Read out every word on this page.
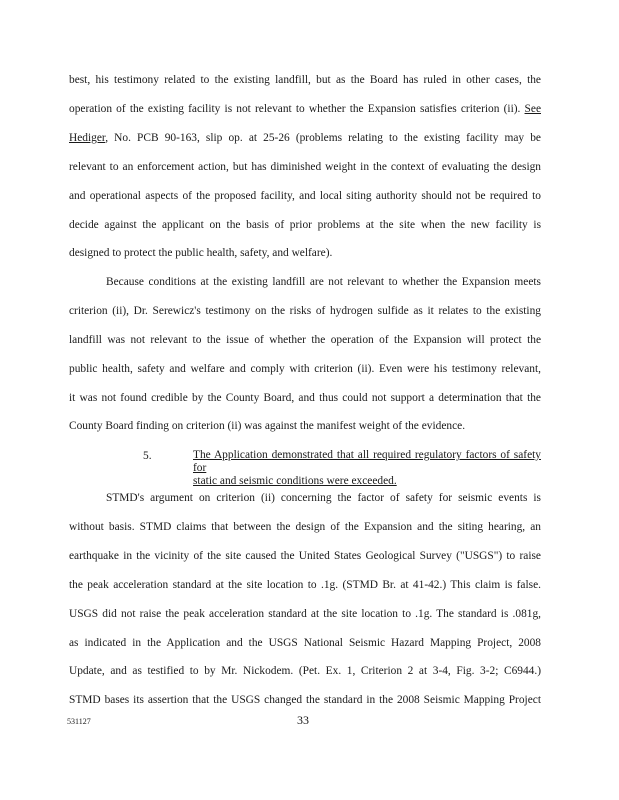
best, his testimony related to the existing landfill, but as the Board has ruled in other cases, the
operation of the existing facility is not relevant to whether the Expansion satisfies criterion (ii). See
Hediger, No. PCB 90-163, slip op. at 25-26 (problems relating to the existing facility may be
relevant to an enforcement action, but has diminished weight in the context of evaluating the design
and operational aspects of the proposed facility, and local siting authority should not be required to
decide against the applicant on the basis of prior problems at the site when the new facility is
designed to protect the public health, safety, and welfare).
Because conditions at the existing landfill are not relevant to whether the Expansion meets
criterion (ii), Dr. Serewicz's testimony on the risks of hydrogen sulfide as it relates to the existing
landfill was not relevant to the issue of whether the operation of the Expansion will protect the
public health, safety and welfare and comply with criterion (ii). Even were his testimony relevant,
it was not found credible by the County Board, and thus could not support a determination that the
County Board finding on criterion (ii) was against the manifest weight of the evidence.
5.	The Application demonstrated that all required regulatory factors of safety for
static and seismic conditions were exceeded.
STMD's argument on criterion (ii) concerning the factor of safety for seismic events is
without basis. STMD claims that between the design of the Expansion and the siting hearing, an
earthquake in the vicinity of the site caused the United States Geological Survey ("USGS") to raise
the peak acceleration standard at the site location to .1g. (STMD Br. at 41-42.) This claim is false.
USGS did not raise the peak acceleration standard at the site location to .1g. The standard is .081g,
as indicated in the Application and the USGS National Seismic Hazard Mapping Project, 2008
Update, and as testified to by Mr. Nickodem. (Pet. Ex. 1, Criterion 2 at 3-4, Fig. 3-2; C6944.)
STMD bases its assertion that the USGS changed the standard in the 2008 Seismic Mapping Project
531127	33
